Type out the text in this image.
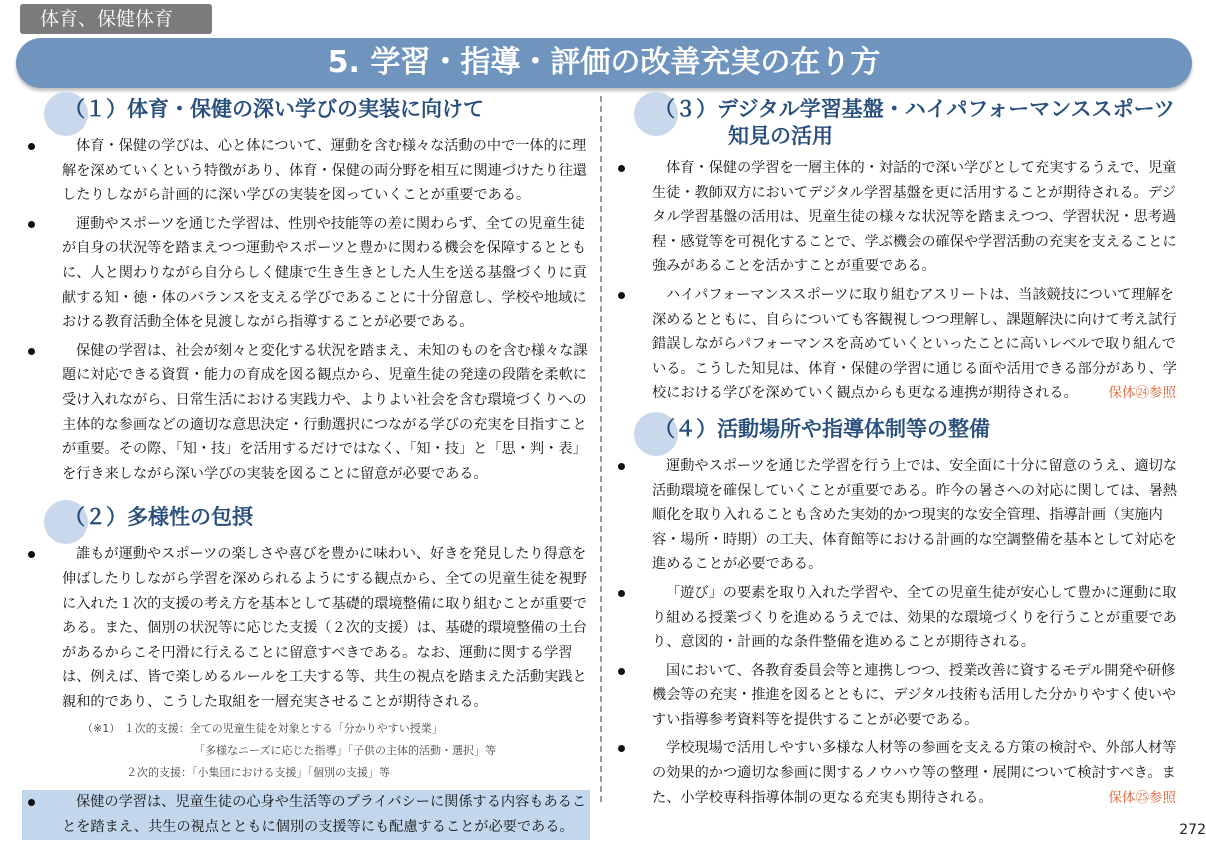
体育、保健体育
5. 学習・指導・評価の改善充実の在り方
（１）体育・保健の深い学びの実装に向けて
体育・保健の学びは、心と体について、運動を含む様々な活動の中で一体的に理解を深めていくという特徴があり、体育・保健の両分野を相互に関連づけたり往還したりしながら計画的に深い学びの実装を図っていくことが重要である。
運動やスポーツを通じた学習は、性別や技能等の差に関わらず、全ての児童生徒が自身の状況等を踏まえつつ運動やスポーツと豊かに関わる機会を保障するとともに、人と関わりながら自分らしく健康で生き生きとした人生を送る基盤づくりに貢献する知・徳・体のバランスを支える学びであることに十分留意し、学校や地域における教育活動全体を見渡しながら指導することが必要である。
保健の学習は、社会が刻々と変化する状況を踏まえ、未知のものを含む様々な課題に対応できる資質・能力の育成を図る観点から、児童生徒の発達の段階を柔軟に受け入れながら、日常生活における実践力や、よりよい社会を含む環境づくりへの主体的な参画などの適切な意思決定・行動選択につながる学びの充実を目指すことが重要。その際、「知・技」を活用するだけではなく、「知・技」と「思・判・表」を行き来しながら深い学びの実装を図ることに留意が必要である。
（２）多様性の包摂
誰もが運動やスポーツの楽しさや喜びを豊かに味わい、好きを発見したり得意を伸ばしたりしながら学習を深められるようにする観点から、全ての児童生徒を視野に入れた１次的支援の考え方を基本として基礎的環境整備に取り組むことが重要である。また、個別の状況等に応じた支援（２次的支援）は、基礎的環境整備の土台があるからこそ円滑に行えることに留意すべきである。なお、運動に関する学習は、例えば、皆で楽しめるルールを工夫する等、共生の視点を踏まえた活動実践と親和的であり、こうした取組を一層充実させることが期待される。
（※1） １次的支援：全ての児童生徒を対象とする「分かりやすい授業」
「多様なニーズに応じた指導」「子供の主体的活動・選択」等
２次的支援：「小集団における支援」「個別の支援」等
保健の学習は、児童生徒の心身や生活等のプライバシーに関係する内容もあることを踏まえ、共生の視点とともに個別の支援等にも配慮することが必要である。
（３）デジタル学習基盤・ハイパフォーマンススポーツ
知見の活用
体育・保健の学習を一層主体的・対話的で深い学びとして充実するうえで、児童生徒・教師双方においてデジタル学習基盤を更に活用することが期待される。デジタル学習基盤の活用は、児童生徒の様々な状況等を踏まえつつ、学習状況・思考過程・感覚等を可視化することで、学ぶ機会の確保や学習活動の充実を支えることに強みがあることを活かすことが重要である。
ハイパフォーマンススポーツに取り組むアスリートは、当該競技について理解を深めるとともに、自らについても客観視しつつ理解し、課題解決に向けて考え試行錯誤しながらパフォーマンスを高めていくといったことに高いレベルで取り組んでいる。こうした知見は、体育・保健の学習に通じる面や活用できる部分があり、学校における学びを深めていく観点からも更なる連携が期待される。 保体㉔参照
（４）活動場所や指導体制等の整備
運動やスポーツを通じた学習を行う上では、安全面に十分に留意のうえ、適切な活動環境を確保していくことが重要である。昨今の暑さへの対応に関しては、暑熱順化を取り入れることも含めた実効的かつ現実的な安全管理、指導計画（実施内容・場所・時期）の工夫、体育館等における計画的な空調整備を基本として対応を進めることが必要である。
「遊び」の要素を取り入れた学習や、全ての児童生徒が安心して豊かに運動に取り組める授業づくりを進めるうえでは、効果的な環境づくりを行うことが重要であり、意図的・計画的な条件整備を進めることが期待される。
国において、各教育委員会等と連携しつつ、授業改善に資するモデル開発や研修機会等の充実・推進を図るとともに、デジタル技術も活用した分かりやすく使いやすい指導参考資料等を提供することが必要である。
学校現場で活用しやすい多様な人材等の参画を支える方策の検討や、外部人材等の効果的かつ適切な参画に関するノウハウ等の整理・展開について検討すべき。また、小学校専科指導体制の更なる充実も期待される。	保体㉕参照
272
